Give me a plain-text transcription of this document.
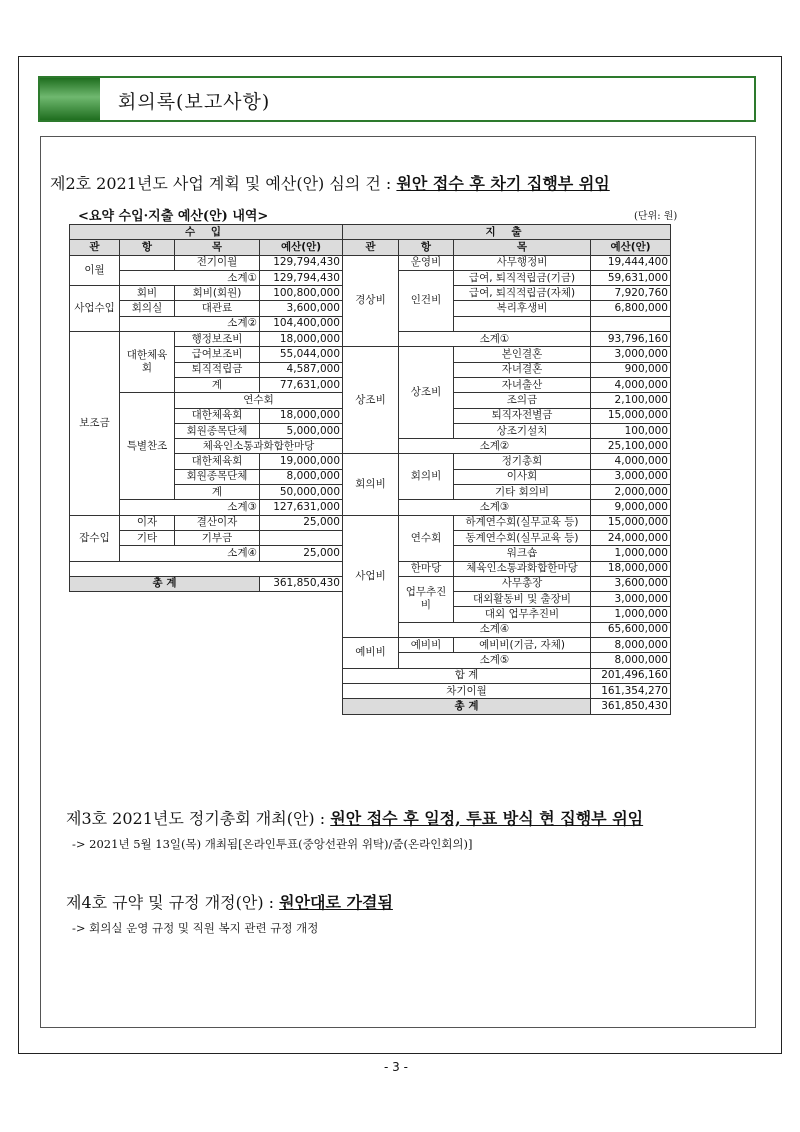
회의록(보고사항)
제2호 2021년도 사업 계획 및 예산(안) 심의 건 : 원안 접수 후 차기 집행부 위임
<요약 수입·지출 예산(안) 내역>	(단위: 원)
수 입			
관	항	목	예산(안)
이월		전기이월	129,794,430
	소계①		129,794,430
사업수입	회비	회비(회원)	100,800,000
	회의실	대관료	3,600,000
	소계②		104,400,000
보조금	대한체육회	행정보조비	18,000,000
		급여보조비	55,044,000
		퇴직적립금	4,587,000
		계	77,631,000
	특별찬조	연수회	
		대한체육회	18,000,000
		회원종목단체	5,000,000
		체육인소통과화합한마당	
		대한체육회	19,000,000
		회원종목단체	8,000,000
		계	50,000,000
	소계③		127,631,000
잡수입	이자	결산이자	25,000
	기타	기부금	
	소계④		25,000

총 계			361,850,430
지 출			
관	항	목	예산(안)
경상비	운영비	사무행정비	19,444,400
	인건비	급여, 퇴직적립금(기금)	59,631,000
		급여, 퇴직적립금(자체)	7,920,760
		복리후생비	6,800,000

	소계①		93,796,160
상조비	상조비	본인결혼	3,000,000
		자녀결혼	900,000
		자녀출산	4,000,000
		조의금	2,100,000
		퇴직자전별금	15,000,000
		상조기설치	100,000
	소계②		25,100,000
회의비	회의비	정기총회	4,000,000
		이사회	3,000,000
		기타 회의비	2,000,000
	소계③		9,000,000
사업비	연수회	하계연수회(실무교육 등)	15,000,000
		동계연수회(실무교육 등)	24,000,000
		워크숍	1,000,000
	한마당	체육인소통과화합한마당	18,000,000
	업무추진비	사무총장	3,600,000
		대외활동비 및 출장비	3,000,000
		대외 업무추진비	1,000,000
	소계④		65,600,000
예비비	예비비	예비비(기금, 자체)	8,000,000
	소계⑤		8,000,000
합 계			201,496,160
차기이월			161,354,270
총 계			361,850,430
제3호 2021년도 정기총회 개최(안) : 원안 접수 후 일정, 투표 방식 현 집행부 위임
-> 2021년 5월 13일(목) 개최됨[온라인투표(중앙선관위 위탁)/줌(온라인회의)]
제4호 규약 및 규정 개정(안) : 원안대로 가결됨
-> 회의실 운영 규정 및 직원 복지 관련 규정 개정
- 3 -
